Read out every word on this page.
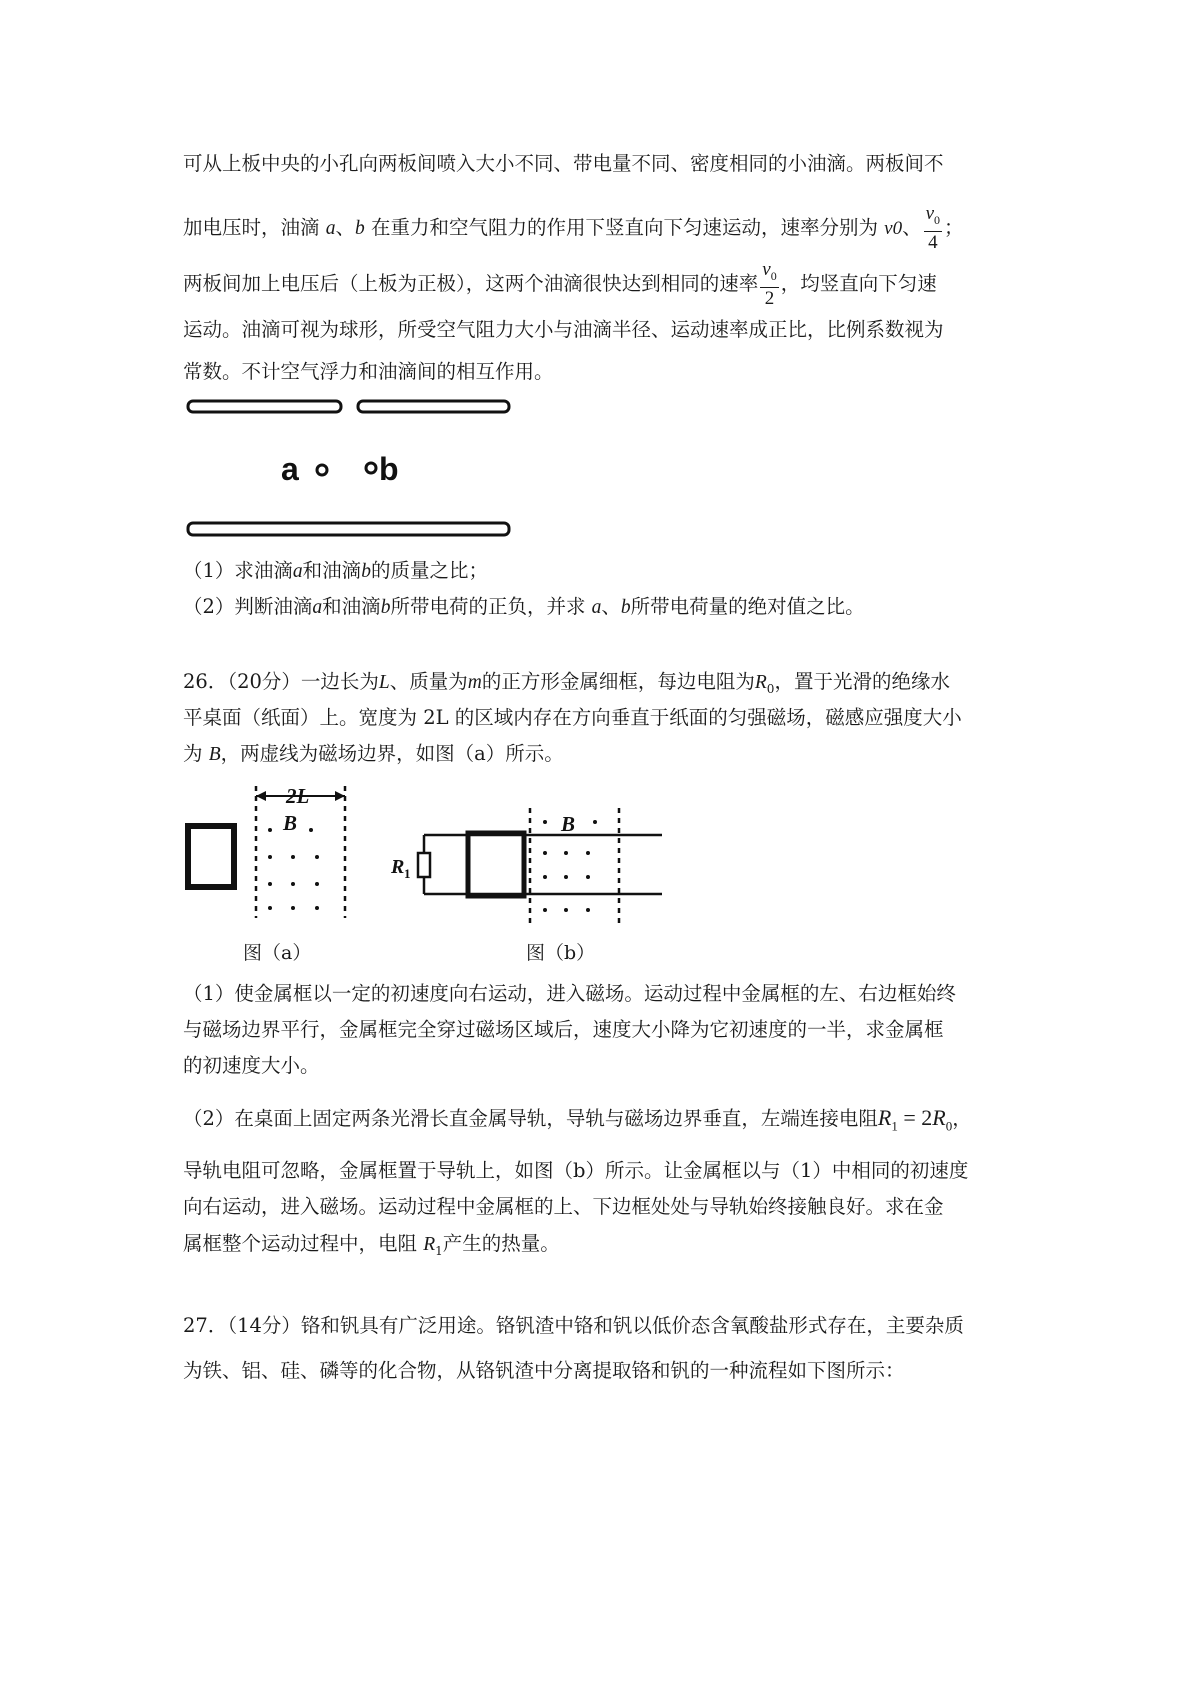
可从上板中央的小孔向两板间喷入大小不同、带电量不同、密度相同的小油滴。两板间不
加电压时，油滴 a、b 在重力和空气阻力的作用下竖直向下匀速运动，速率分别为 v0、 $\frac{v_0}{4}$ ；
两板间加上电压后（上板为正极），这两个油滴很快达到相同的速率 $\frac{v_0}{2}$ ，均竖直向下匀速
运动。油滴可视为球形，所受空气阻力大小与油滴半径、运动速率成正比，比例系数视为
常数。不计空气浮力和油滴间的相互作用。
a	b
（1）求油滴a和油滴b的质量之比；
（2）判断油滴a和油滴b所带电荷的正负，并求 a、b所带电荷量的绝对值之比。
26．（20分）一边长为L、质量为m的正方形金属细框，每边电阻为$R_0$，置于光滑的绝缘水
平桌面（纸面）上。宽度为 2L 的区域内存在方向垂直于纸面的匀强磁场，磁感应强度大小
为 B，两虚线为磁场边界，如图（a）所示。
2L
B
R 1
B
图（a）	图（b）
（1）使金属框以一定的初速度向右运动，进入磁场。运动过程中金属框的左、右边框始终
与磁场边界平行，金属框完全穿过磁场区域后，速度大小降为它初速度的一半，求金属框
的初速度大小。
（2）在桌面上固定两条光滑长直金属导轨，导轨与磁场边界垂直，左端连接电阻$R_1 = 2R_0$，
导轨电阻可忽略，金属框置于导轨上，如图（b）所示。让金属框以与（1）中相同的初速度
向右运动，进入磁场。运动过程中金属框的上、下边框处处与导轨始终接触良好。求在金
属框整个运动过程中，电阻 $R_1$产生的热量。
27．（14分）铬和钒具有广泛用途。铬钒渣中铬和钒以低价态含氧酸盐形式存在，主要杂质
为铁、铝、硅、磷等的化合物，从铬钒渣中分离提取铬和钒的一种流程如下图所示：
